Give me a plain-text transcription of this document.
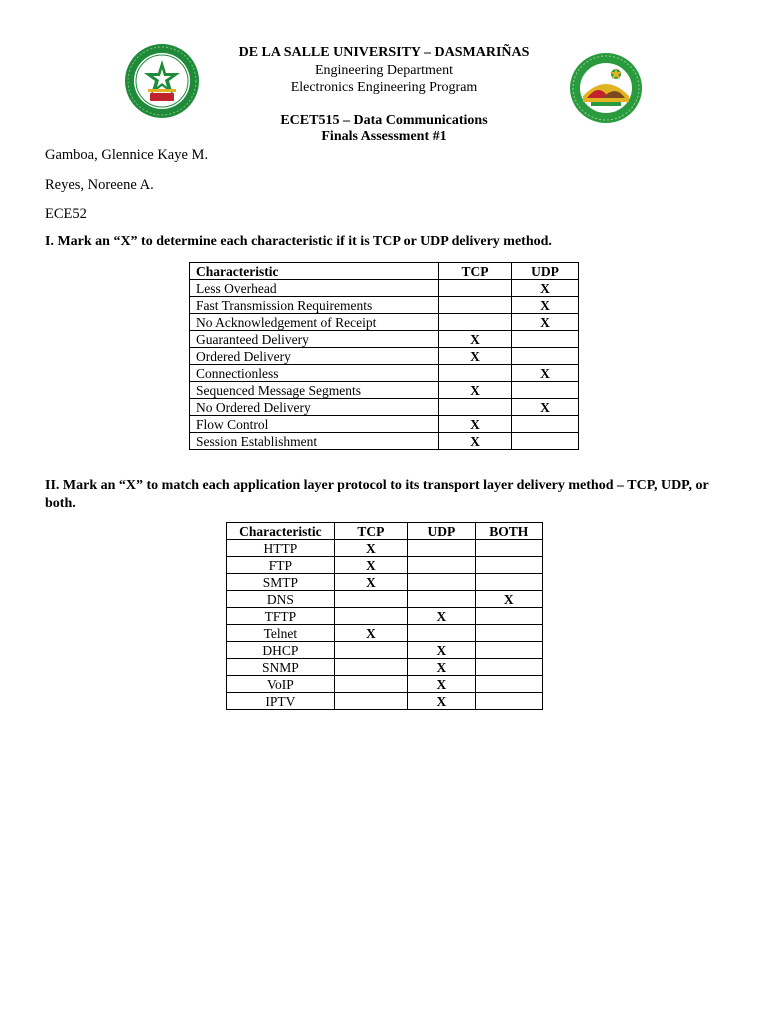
DE LA SALLE UNIVERSITY – DASMARIÑAS
Engineering Department
Electronics Engineering Program
ECET515 – Data Communications
Finals Assessment #1
Gamboa, Glennice Kaye M.
Reyes, Noreene A.
ECE52
I. Mark an “X” to determine each characteristic if it is TCP or UDP delivery method.
Characteristic	TCP	UDP
Less Overhead		X
Fast Transmission Requirements		X
No Acknowledgement of Receipt		X
Guaranteed Delivery	X	
Ordered Delivery	X	
Connectionless		X
Sequenced Message Segments	X	
No Ordered Delivery		X
Flow Control	X	
Session Establishment	X	
II. Mark an “X” to match each application layer protocol to its transport layer delivery method – TCP, UDP, or both.
Characteristic	TCP	UDP	BOTH
HTTP	X		
FTP	X		
SMTP	X		
DNS			X
TFTP		X	
Telnet	X		
DHCP		X	
SNMP		X	
VoIP		X	
IPTV		X	
